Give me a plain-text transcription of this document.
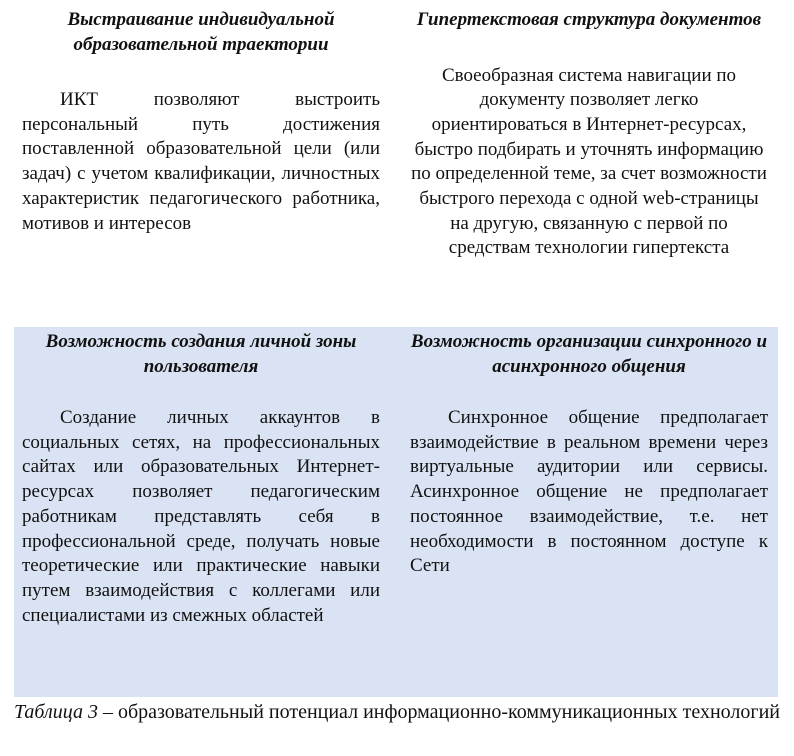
Выстраивание индивидуальной образовательной траектории

ИКТ позволяют выстроить персональный путь достижения поставленной образовательной цели (или задач) с учетом квалификации, личностных характеристик педагогического работника, мотивов и интересов

Гипертекстовая структура документов

Своеобразная система навигации по документу позволяет легко ориентироваться в Интернет-ресурсах, быстро подбирать и уточнять информацию по определенной теме, за счет возможности быстрого перехода с одной web-страницы на другую, связанную с первой по средствам технологии гипертекста

Возможность создания личной зоны пользователя

Создание личных аккаунтов в социальных сетях, на профессиональных сайтах или образовательных Интернет-ресурсах позволяет педагогическим работникам представлять себя в профессиональной среде, получать новые теоретические или практические навыки путем взаимодействия с коллегами или специалистами из смежных областей

Возможность организации синхронного и асинхронного общения

Синхронное общение предполагает взаимодействие в реальном времени через виртуальные аудитории или сервисы. Асинхронное общение не предполагает постоянное взаимодействие, т.е. нет необходимости в постоянном доступе к Сети

Таблица 3 – образовательный потенциал информационно-коммуникационных технологий
